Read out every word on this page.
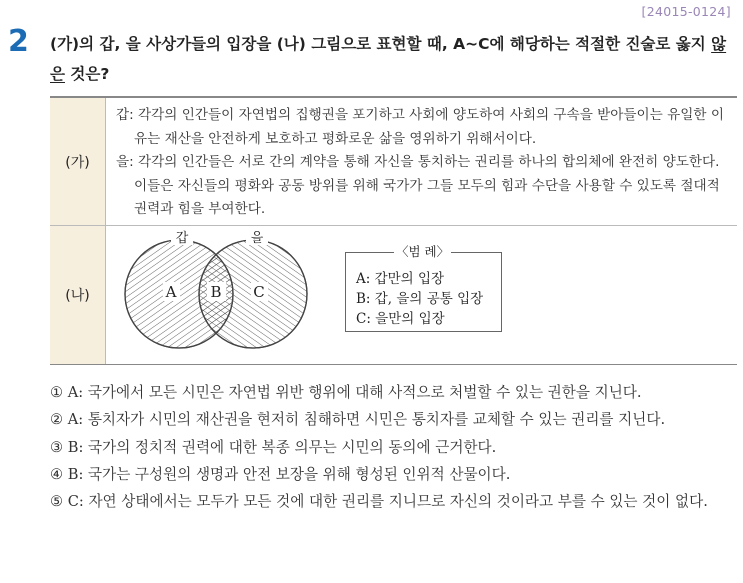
[24015-0124]
2 (가)의 갑, 을 사상가들의 입장을 (나) 그림으로 표현할 때, A~C에 해당하는 적절한 진술로 옳지 않은 것은?
(가)
(나)
갑: 각각의 인간들이 자연법의 집행권을 포기하고 사회에 양도하여 사회의 구속을 받아들이는 유일한 이유는 재산을 안전하게 보호하고 평화로운 삶을 영위하기 위해서이다.
을: 각각의 인간들은 서로 간의 계약을 통해 자신을 통치하는 권리를 하나의 합의체에 완전히 양도한다. 이들은 자신들의 평화와 공동 방위를 위해 국가가 그들 모두의 힘과 수단을 사용할 수 있도록 절대적 권력과 힘을 부여한다.
갑	을
A B C
〈범 례〉
A: 갑만의 입장
B: 갑, 을의 공통 입장
C: 을만의 입장
① A: 국가에서 모든 시민은 자연법 위반 행위에 대해 사적으로 처벌할 수 있는 권한을 지닌다.
② A: 통치자가 시민의 재산권을 현저히 침해하면 시민은 통치자를 교체할 수 있는 권리를 지닌다.
③ B: 국가의 정치적 권력에 대한 복종 의무는 시민의 동의에 근거한다.
④ B: 국가는 구성원의 생명과 안전 보장을 위해 형성된 인위적 산물이다.
⑤ C: 자연 상태에서는 모두가 모든 것에 대한 권리를 지니므로 자신의 것이라고 부를 수 있는 것이 없다.
